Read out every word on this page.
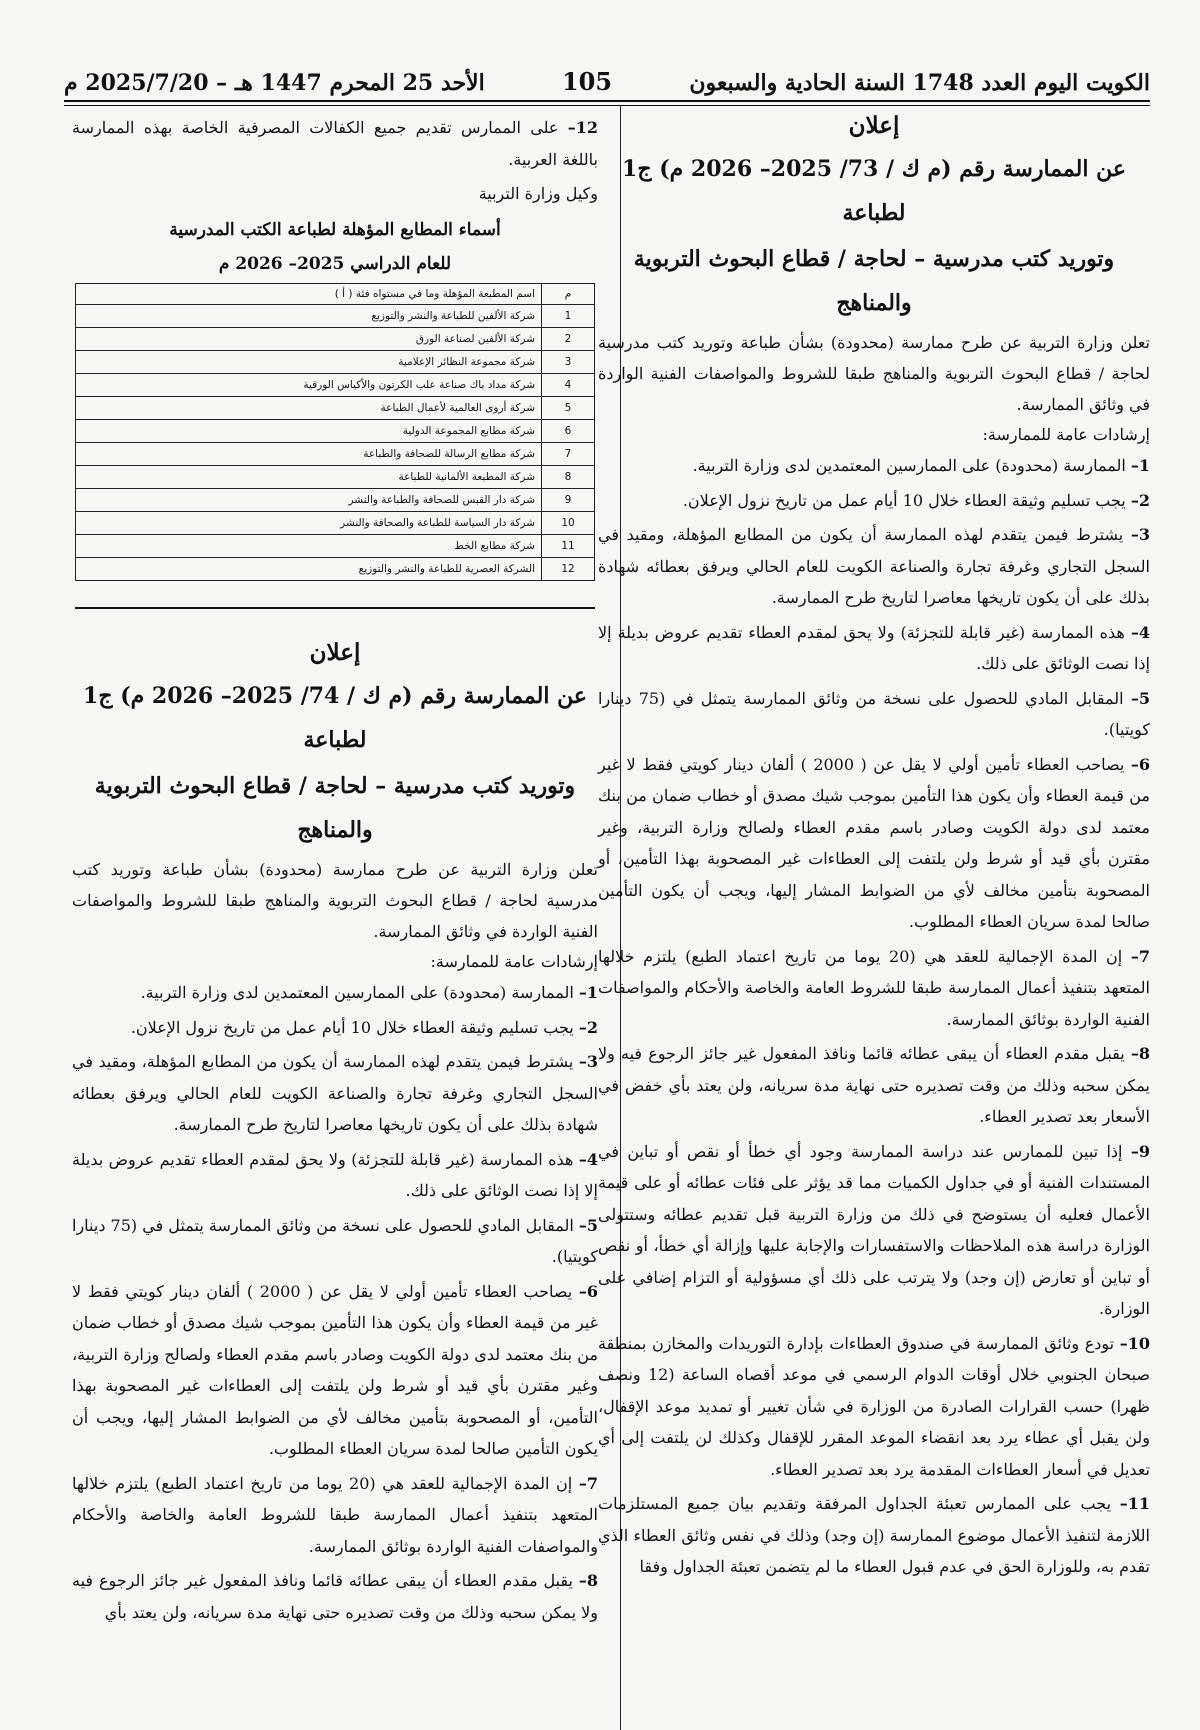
الكويت اليوم العدد 1748 السنة الحادية والسبعون
105
الأحد 25 المحرم 1447 هـ – 2025/7/20 م
إعلان
عن الممارسة رقم (م ك / 73/ 2025– 2026 م) ج1 لطباعة
وتوريد كتب مدرسية – لحاجة / قطاع البحوث التربوية والمناهج

تعلن وزارة التربية عن طرح ممارسة (محدودة) بشأن طباعة وتوريد كتب مدرسية لحاجة / قطاع البحوث التربوية والمناهج طبقا للشروط والمواصفات الفنية الواردة في وثائق الممارسة.

إرشادات عامة للممارسة:

1– الممارسة (محدودة) على الممارسين المعتمدين لدى وزارة التربية.

2– يجب تسليم وثيقة العطاء خلال 10 أيام عمل من تاريخ نزول الإعلان.

3– يشترط فيمن يتقدم لهذه الممارسة أن يكون من المطابع المؤهلة، ومقيد في السجل التجاري وغرفة تجارة والصناعة الكويت للعام الحالي ويرفق بعطائه شهادة بذلك على أن يكون تاريخها معاصرا لتاريخ طرح الممارسة.

4– هذه الممارسة (غير قابلة للتجزئة) ولا يحق لمقدم العطاء تقديم عروض بديلة إلا إذا نصت الوثائق على ذلك.

5– المقابل المادي للحصول على نسخة من وثائق الممارسة يتمثل في (75 دينارا كويتيا).

6– يصاحب العطاء تأمين أولي لا يقل عن ( 2000 ) ألفان دينار كويتي فقط لا غير من قيمة العطاء وأن يكون هذا التأمين بموجب شيك مصدق أو خطاب ضمان من بنك معتمد لدى دولة الكويت وصادر باسم مقدم العطاء ولصالح وزارة التربية، وغير مقترن بأي قيد أو شرط ولن يلتفت إلى العطاءات غير المصحوبة بهذا التأمين، أو المصحوبة بتأمين مخالف لأي من الضوابط المشار إليها، ويجب أن يكون التأمين صالحا لمدة سريان العطاء المطلوب.

7– إن المدة الإجمالية للعقد هي (20 يوما من تاريخ اعتماد الطبع) يلتزم خلالها المتعهد بتنفيذ أعمال الممارسة طبقا للشروط العامة والخاصة والأحكام والمواصفات الفنية الواردة بوثائق الممارسة.

8– يقبل مقدم العطاء أن يبقى عطائه قائما ونافذ المفعول غير جائز الرجوع فيه ولا يمكن سحبه وذلك من وقت تصديره حتى نهاية مدة سريانه، ولن يعتد بأي خفض في الأسعار بعد تصدير العطاء.

9– إذا تبين للممارس عند دراسة الممارسة وجود أي خطأ أو نقص أو تباين في المستندات الفنية أو في جداول الكميات مما قد يؤثر على فئات عطائه أو على قيمة الأعمال فعليه أن يستوضح في ذلك من وزارة التربية قبل تقديم عطائه وستتولى الوزارة دراسة هذه الملاحظات والاستفسارات والإجابة عليها وإزالة أي خطأ، أو نقص أو تباين أو تعارض (إن وجد) ولا يترتب على ذلك أي مسؤولية أو التزام إضافي على الوزارة.

10– تودع وثائق الممارسة في صندوق العطاءات بإدارة التوريدات والمخازن بمنطقة صبحان الجنوبي خلال أوقات الدوام الرسمي في موعد أقصاه الساعة (12 ونصف ظهرا) حسب القرارات الصادرة من الوزارة في شأن تغيير أو تمديد موعد الإقفال، ولن يقبل أي عطاء يرد بعد انقضاء الموعد المقرر للإقفال وكذلك لن يلتفت إلى أي تعديل في أسعار العطاءات المقدمة يرد بعد تصدير العطاء.

11– يجب على الممارس تعبئة الجداول المرفقة وتقديم بيان جميع المستلزمات اللازمة لتنفيذ الأعمال موضوع الممارسة (إن وجد) وذلك في نفس وثائق العطاء الذي تقدم به، وللوزارة الحق في عدم قبول العطاء ما لم يتضمن تعبئة الجداول وفقا

12– على الممارس تقديم جميع الكفالات المصرفية الخاصة بهذه الممارسة باللغة العربية.

وكيل وزارة التربية
أسماء المطابع المؤهلة لطباعة الكتب المدرسية
للعام الدراسي 2025– 2026 م
م	اسم المطبعة المؤهلة وما في مستواه فئة ( أ )
1	شركة الألفين للطباعة والنشر والتوزيع
2	شركة الألفين لصناعة الورق
3	شركة مجموعة النظائر الإعلامية
4	شركة مداد باك صناعة علب الكرتون والأكياس الورقية
5	شركة أروى العالمية لأعمال الطباعة
6	شركة مطابع المجموعة الدولية
7	شركة مطابع الرسالة للصحافة والطباعة
8	شركة المطبعة الألمانية للطباعة
9	شركة دار القبس للصحافة والطباعة والنشر
10	شركة دار السياسة للطباعة والصحافة والنشر
11	شركة مطابع الخط
12	الشركة العصرية للطباعة والنشر والتوزيع
إعلان
عن الممارسة رقم (م ك / 74/ 2025– 2026 م) ج1 لطباعة
وتوريد كتب مدرسية – لحاجة / قطاع البحوث التربوية والمناهج

تعلن وزارة التربية عن طرح ممارسة (محدودة) بشأن طباعة وتوريد كتب مدرسية لحاجة / قطاع البحوث التربوية والمناهج طبقا للشروط والمواصفات الفنية الواردة في وثائق الممارسة.

إرشادات عامة للممارسة:

1– الممارسة (محدودة) على الممارسين المعتمدين لدى وزارة التربية.

2– يجب تسليم وثيقة العطاء خلال 10 أيام عمل من تاريخ نزول الإعلان.

3– يشترط فيمن يتقدم لهذه الممارسة أن يكون من المطابع المؤهلة، ومقيد في السجل التجاري وغرفة تجارة والصناعة الكويت للعام الحالي ويرفق بعطائه شهادة بذلك على أن يكون تاريخها معاصرا لتاريخ طرح الممارسة.

4– هذه الممارسة (غير قابلة للتجزئة) ولا يحق لمقدم العطاء تقديم عروض بديلة إلا إذا نصت الوثائق على ذلك.

5– المقابل المادي للحصول على نسخة من وثائق الممارسة يتمثل في (75 دينارا كويتيا).

6– يصاحب العطاء تأمين أولي لا يقل عن ( 2000 ) ألفان دينار كويتي فقط لا غير من قيمة العطاء وأن يكون هذا التأمين بموجب شيك مصدق أو خطاب ضمان من بنك معتمد لدى دولة الكويت وصادر باسم مقدم العطاء ولصالح وزارة التربية، وغير مقترن بأي قيد أو شرط ولن يلتفت إلى العطاءات غير المصحوبة بهذا التأمين، أو المصحوبة بتأمين مخالف لأي من الضوابط المشار إليها، ويجب أن يكون التأمين صالحا لمدة سريان العطاء المطلوب.

7– إن المدة الإجمالية للعقد هي (20 يوما من تاريخ اعتماد الطبع) يلتزم خلالها المتعهد بتنفيذ أعمال الممارسة طبقا للشروط العامة والخاصة والأحكام والمواصفات الفنية الواردة بوثائق الممارسة.

8– يقبل مقدم العطاء أن يبقى عطائه قائما ونافذ المفعول غير جائز الرجوع فيه ولا يمكن سحبه وذلك من وقت تصديره حتى نهاية مدة سريانه، ولن يعتد بأي
